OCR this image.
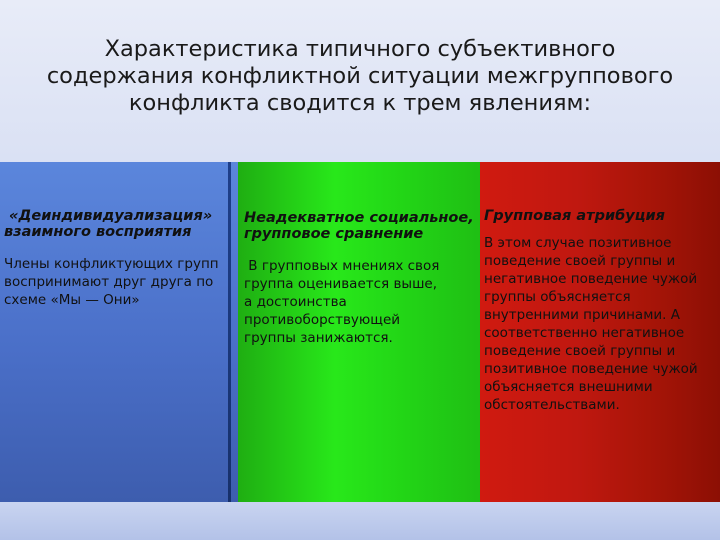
Характеристика типичного субъективного
содержания конфликтной ситуации межгруппового
конфликта сводится к трем явлениям:
«Деиндивидуализация»
взаимного восприятия
Члены конфликтующих групп воспринимают друг друга по схеме «Мы — Они»
Неадекватное социальное,
групповое сравнение
В групповых мнениях своя группа оценивается выше, а достоинства противоборствующей группы занижаются.
Групповая атрибуция
В этом случае позитивное поведение своей группы и негативное поведение чужой группы объясняется внутренними причинами. А соответственно негативное поведение своей группы и позитивное поведение чужой объясняется внешними обстоятельствами.
